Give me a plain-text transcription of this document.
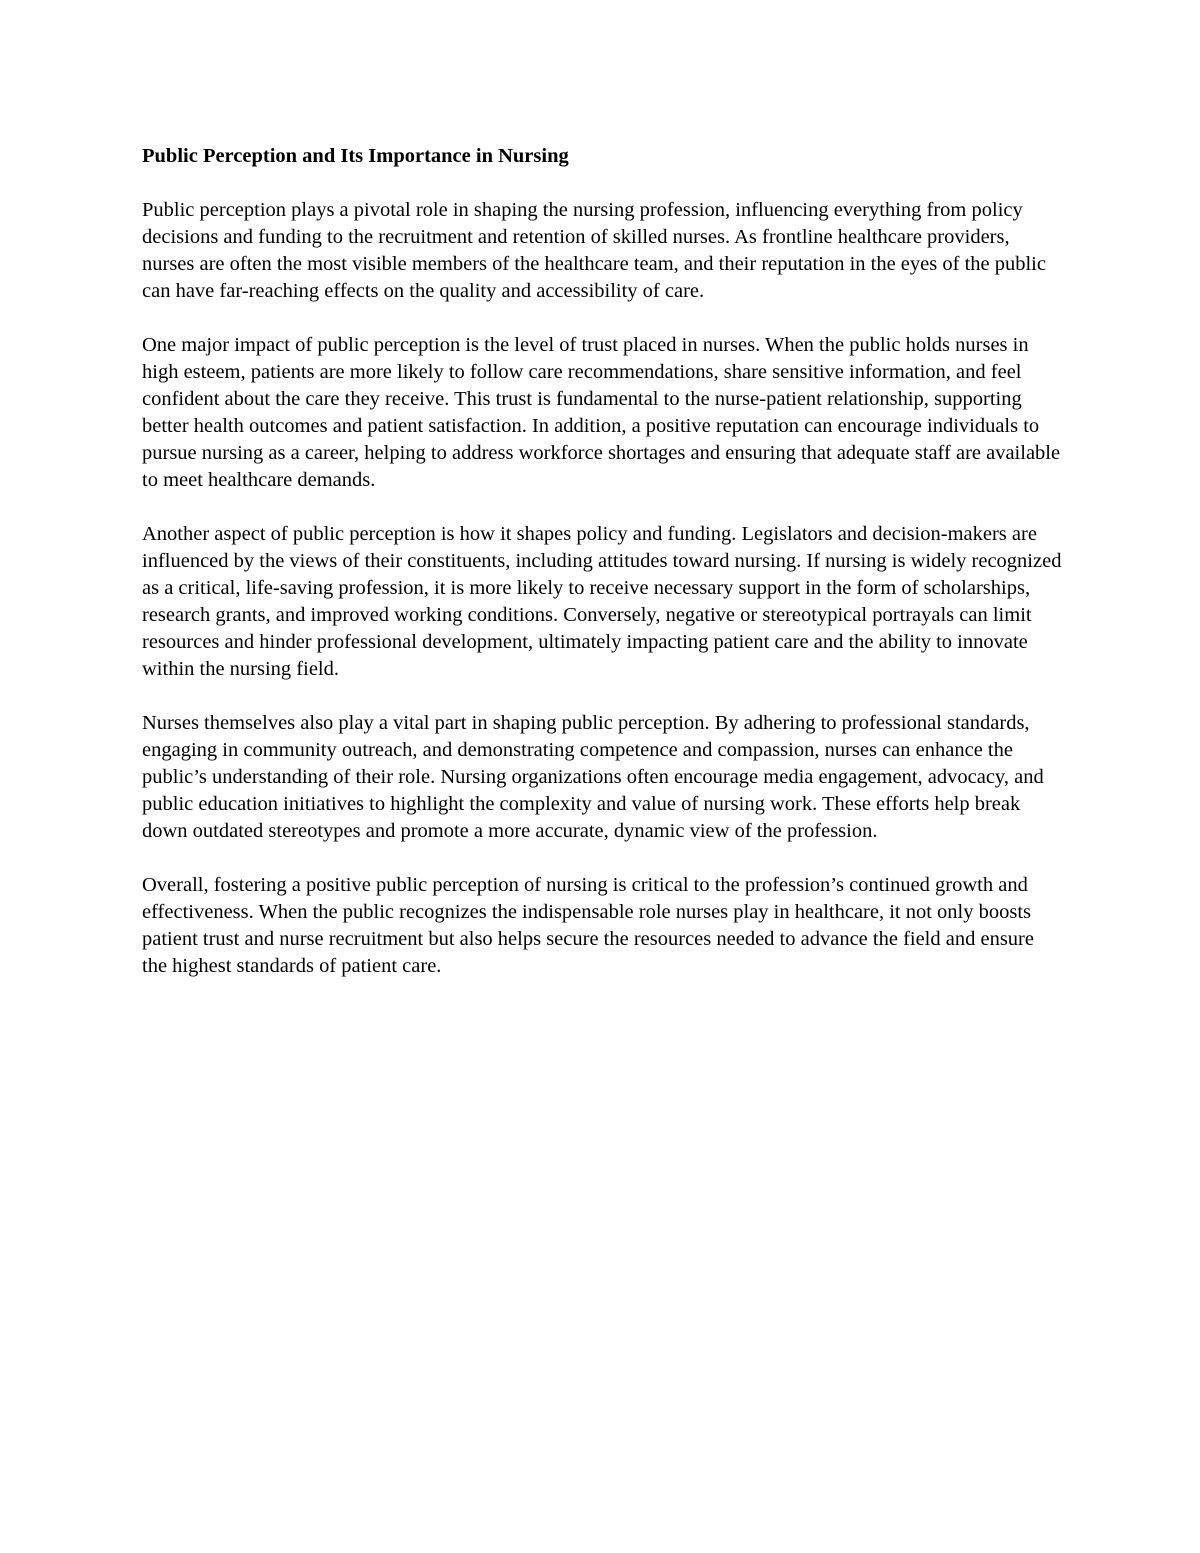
Public Perception and Its Importance in Nursing

Public perception plays a pivotal role in shaping the nursing profession, influencing everything from policy decisions and funding to the recruitment and retention of skilled nurses. As frontline healthcare providers, nurses are often the most visible members of the healthcare team, and their reputation in the eyes of the public can have far-reaching effects on the quality and accessibility of care.

One major impact of public perception is the level of trust placed in nurses. When the public holds nurses in high esteem, patients are more likely to follow care recommendations, share sensitive information, and feel confident about the care they receive. This trust is fundamental to the nurse-patient relationship, supporting better health outcomes and patient satisfaction. In addition, a positive reputation can encourage individuals to pursue nursing as a career, helping to address workforce shortages and ensuring that adequate staff are available to meet healthcare demands.

Another aspect of public perception is how it shapes policy and funding. Legislators and decision-makers are influenced by the views of their constituents, including attitudes toward nursing. If nursing is widely recognized as a critical, life-saving profession, it is more likely to receive necessary support in the form of scholarships, research grants, and improved working conditions. Conversely, negative or stereotypical portrayals can limit resources and hinder professional development, ultimately impacting patient care and the ability to innovate within the nursing field.

Nurses themselves also play a vital part in shaping public perception. By adhering to professional standards, engaging in community outreach, and demonstrating competence and compassion, nurses can enhance the public’s understanding of their role. Nursing organizations often encourage media engagement, advocacy, and public education initiatives to highlight the complexity and value of nursing work. These efforts help break down outdated stereotypes and promote a more accurate, dynamic view of the profession.

Overall, fostering a positive public perception of nursing is critical to the profession’s continued growth and effectiveness. When the public recognizes the indispensable role nurses play in healthcare, it not only boosts patient trust and nurse recruitment but also helps secure the resources needed to advance the field and ensure the highest standards of patient care.
